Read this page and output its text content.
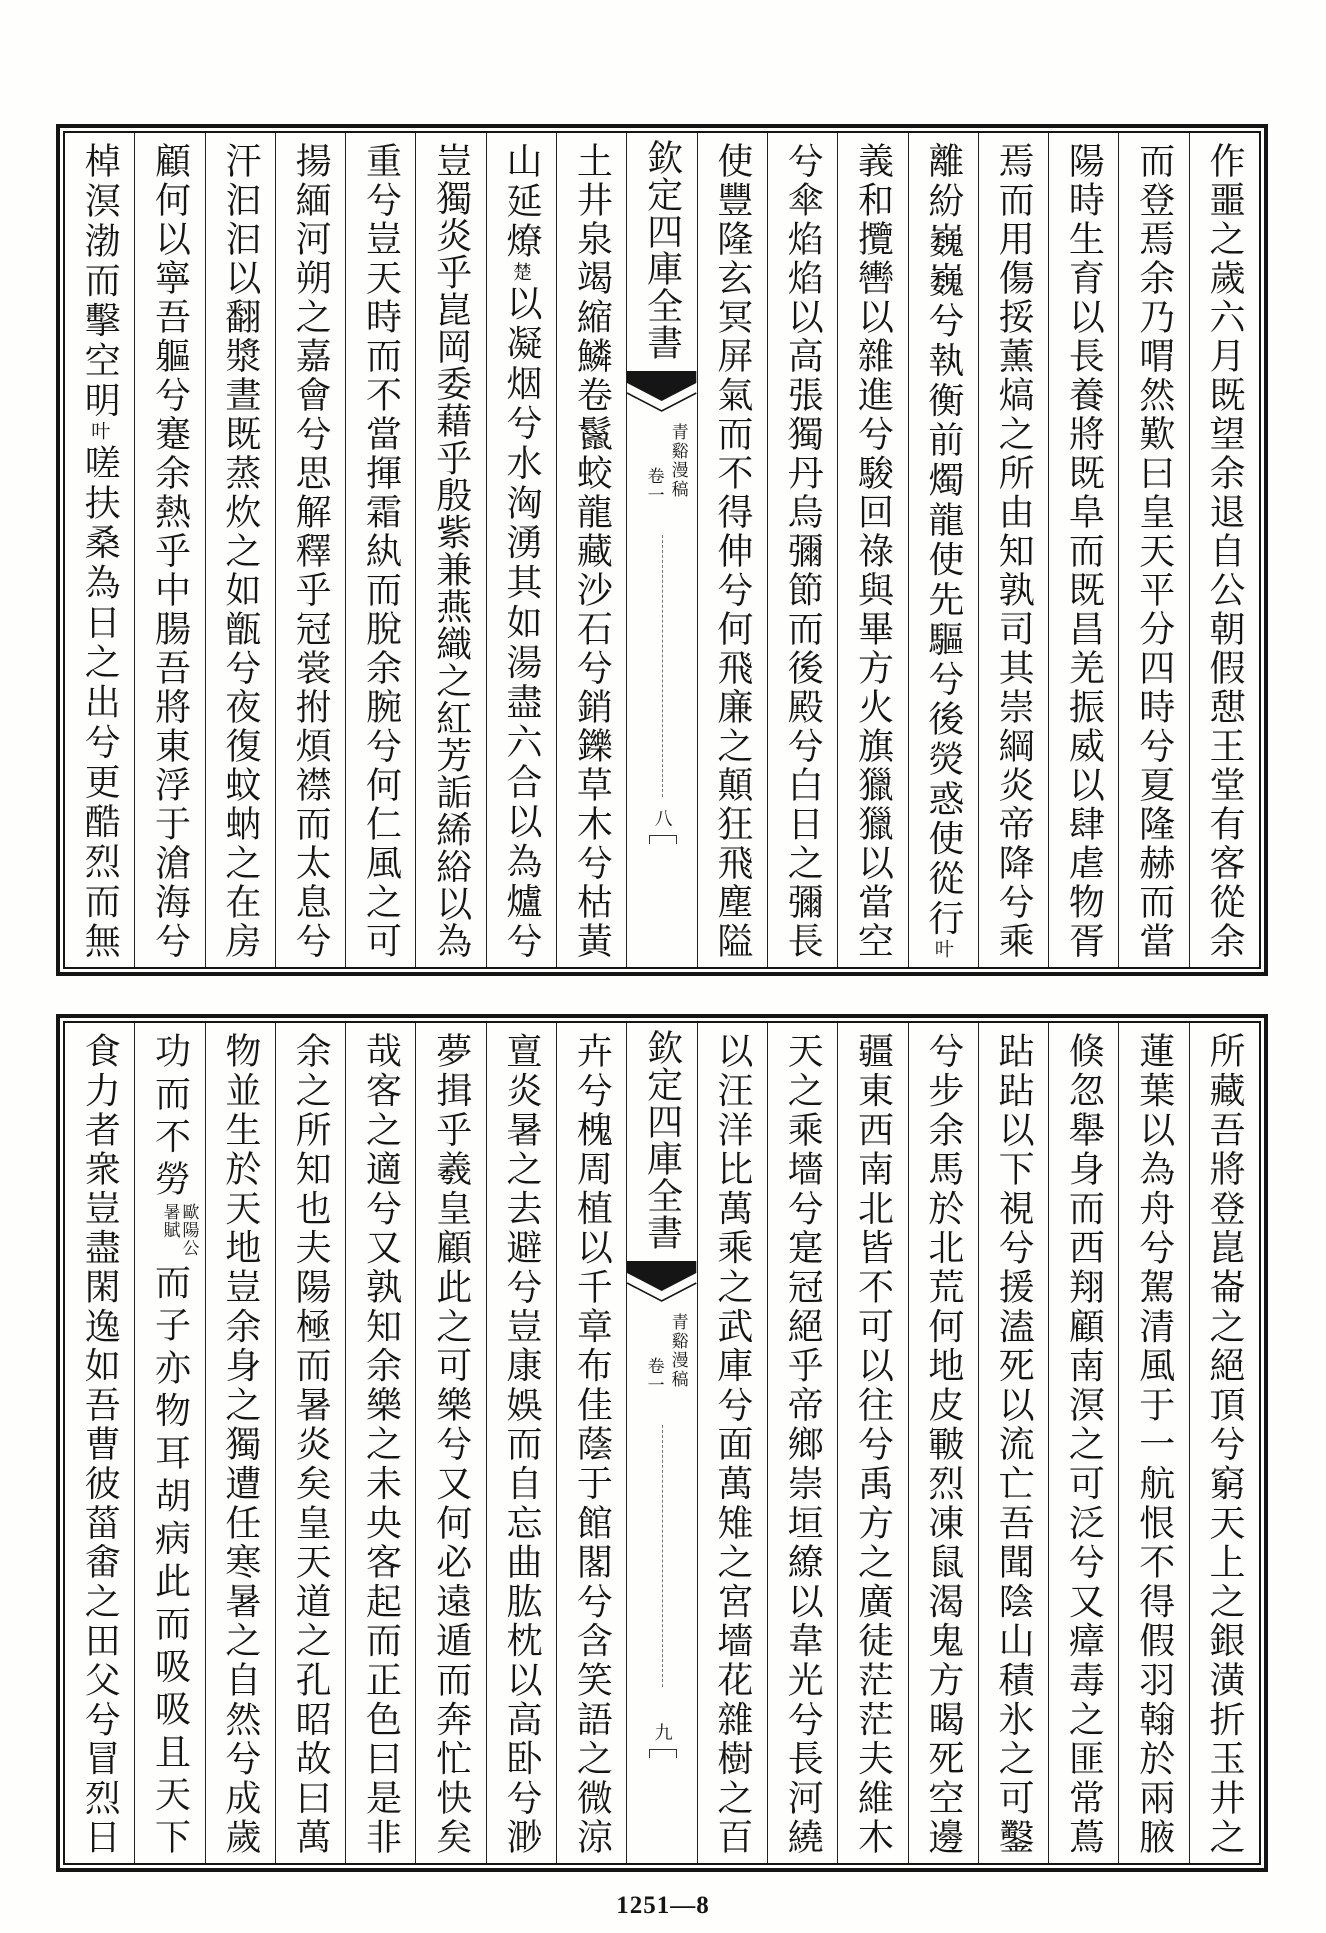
作噩之歲六月既望余退自公朝假憇王堂有客從余
而登焉余乃喟然歎曰皇天平分四時兮夏隆赫而當
陽時生育以長養將既阜而既昌羌振威以肆虐物胥
焉而用傷挼薰熇之所由知孰司其崇綱炎帝降兮乘
離紛巍巍兮執衡前燭龍使先驅兮後熒惑使從行叶
義和攬轡以雜進兮駿回祿與畢方火旗獵獵以當空
兮傘焰焰以高張獨丹烏彌節而後殿兮白日之彌長
使豐隆玄冥屏氣而不得伸兮何飛廉之顛狂飛塵隘
欽定四庫全書
青谿漫稿
卷一
八
土井泉竭縮鱗卷鬣蛟龍藏沙石兮銷鑠草木兮枯黃
山延燎楚以凝烟兮水洶湧其如湯盡六合以為爐兮
豈獨炎乎崑岡委藉乎殷紫兼燕織之紅芳詬絺綌以為
重兮豈天時而不當揮霜紈而脫余腕兮何仁風之可
揚緬河朔之嘉會兮思解釋乎冠裳拊煩襟而太息兮
汗汩汩以翻漿晝既蒸炊之如甑兮夜復蚊蚋之在房
顧何以寧吾軀兮蹇余熱乎中腸吾將東浮于滄海兮
棹溟渤而擊空明叶嗟扶桑為日之出兮更酷烈而無
所藏吾將登崑崙之絕頂兮窮天上之銀潢折玉井之
蓮葉以為舟兮駕清風于一航恨不得假羽翰於兩腋
倏忽舉身而西翔顧南溟之可泛兮又瘴毒之匪常蔦
跕跕以下視兮援溘死以流亡吾聞陰山積氷之可鑿
兮步余馬於北荒何地皮皸烈凍鼠渴鬼方暍死空邊
疆東西南北皆不可以往兮禹方之廣徒茫茫夫維木
天之乘墻兮寔冠絕乎帝鄉崇垣繚以韋光兮長河繞
以汪洋比萬乘之武庫兮面萬雉之宮墻花雜樹之百
欽定四庫全書
青谿漫稿
卷一
九
卉兮槐周植以千章布佳蔭于館閣兮含笑語之微涼
亶炎暑之去避兮豈康娛而自忘曲肱枕以高卧兮渺
夢揖乎羲皇顧此之可樂兮又何必遠遁而奔忙快矣
哉客之適兮又孰知余樂之未央客起而正色曰是非
余之所知也夫陽極而暑炎矣皇天道之孔昭故曰萬
物並生於天地豈余身之獨遭任寒暑之自然兮成歲
功而不勞歐陽公
暑賦而子亦物耳胡病此而吸吸且天下
食力者衆豈盡閑逸如吾曹彼菑畬之田父兮冒烈日
1251—8
